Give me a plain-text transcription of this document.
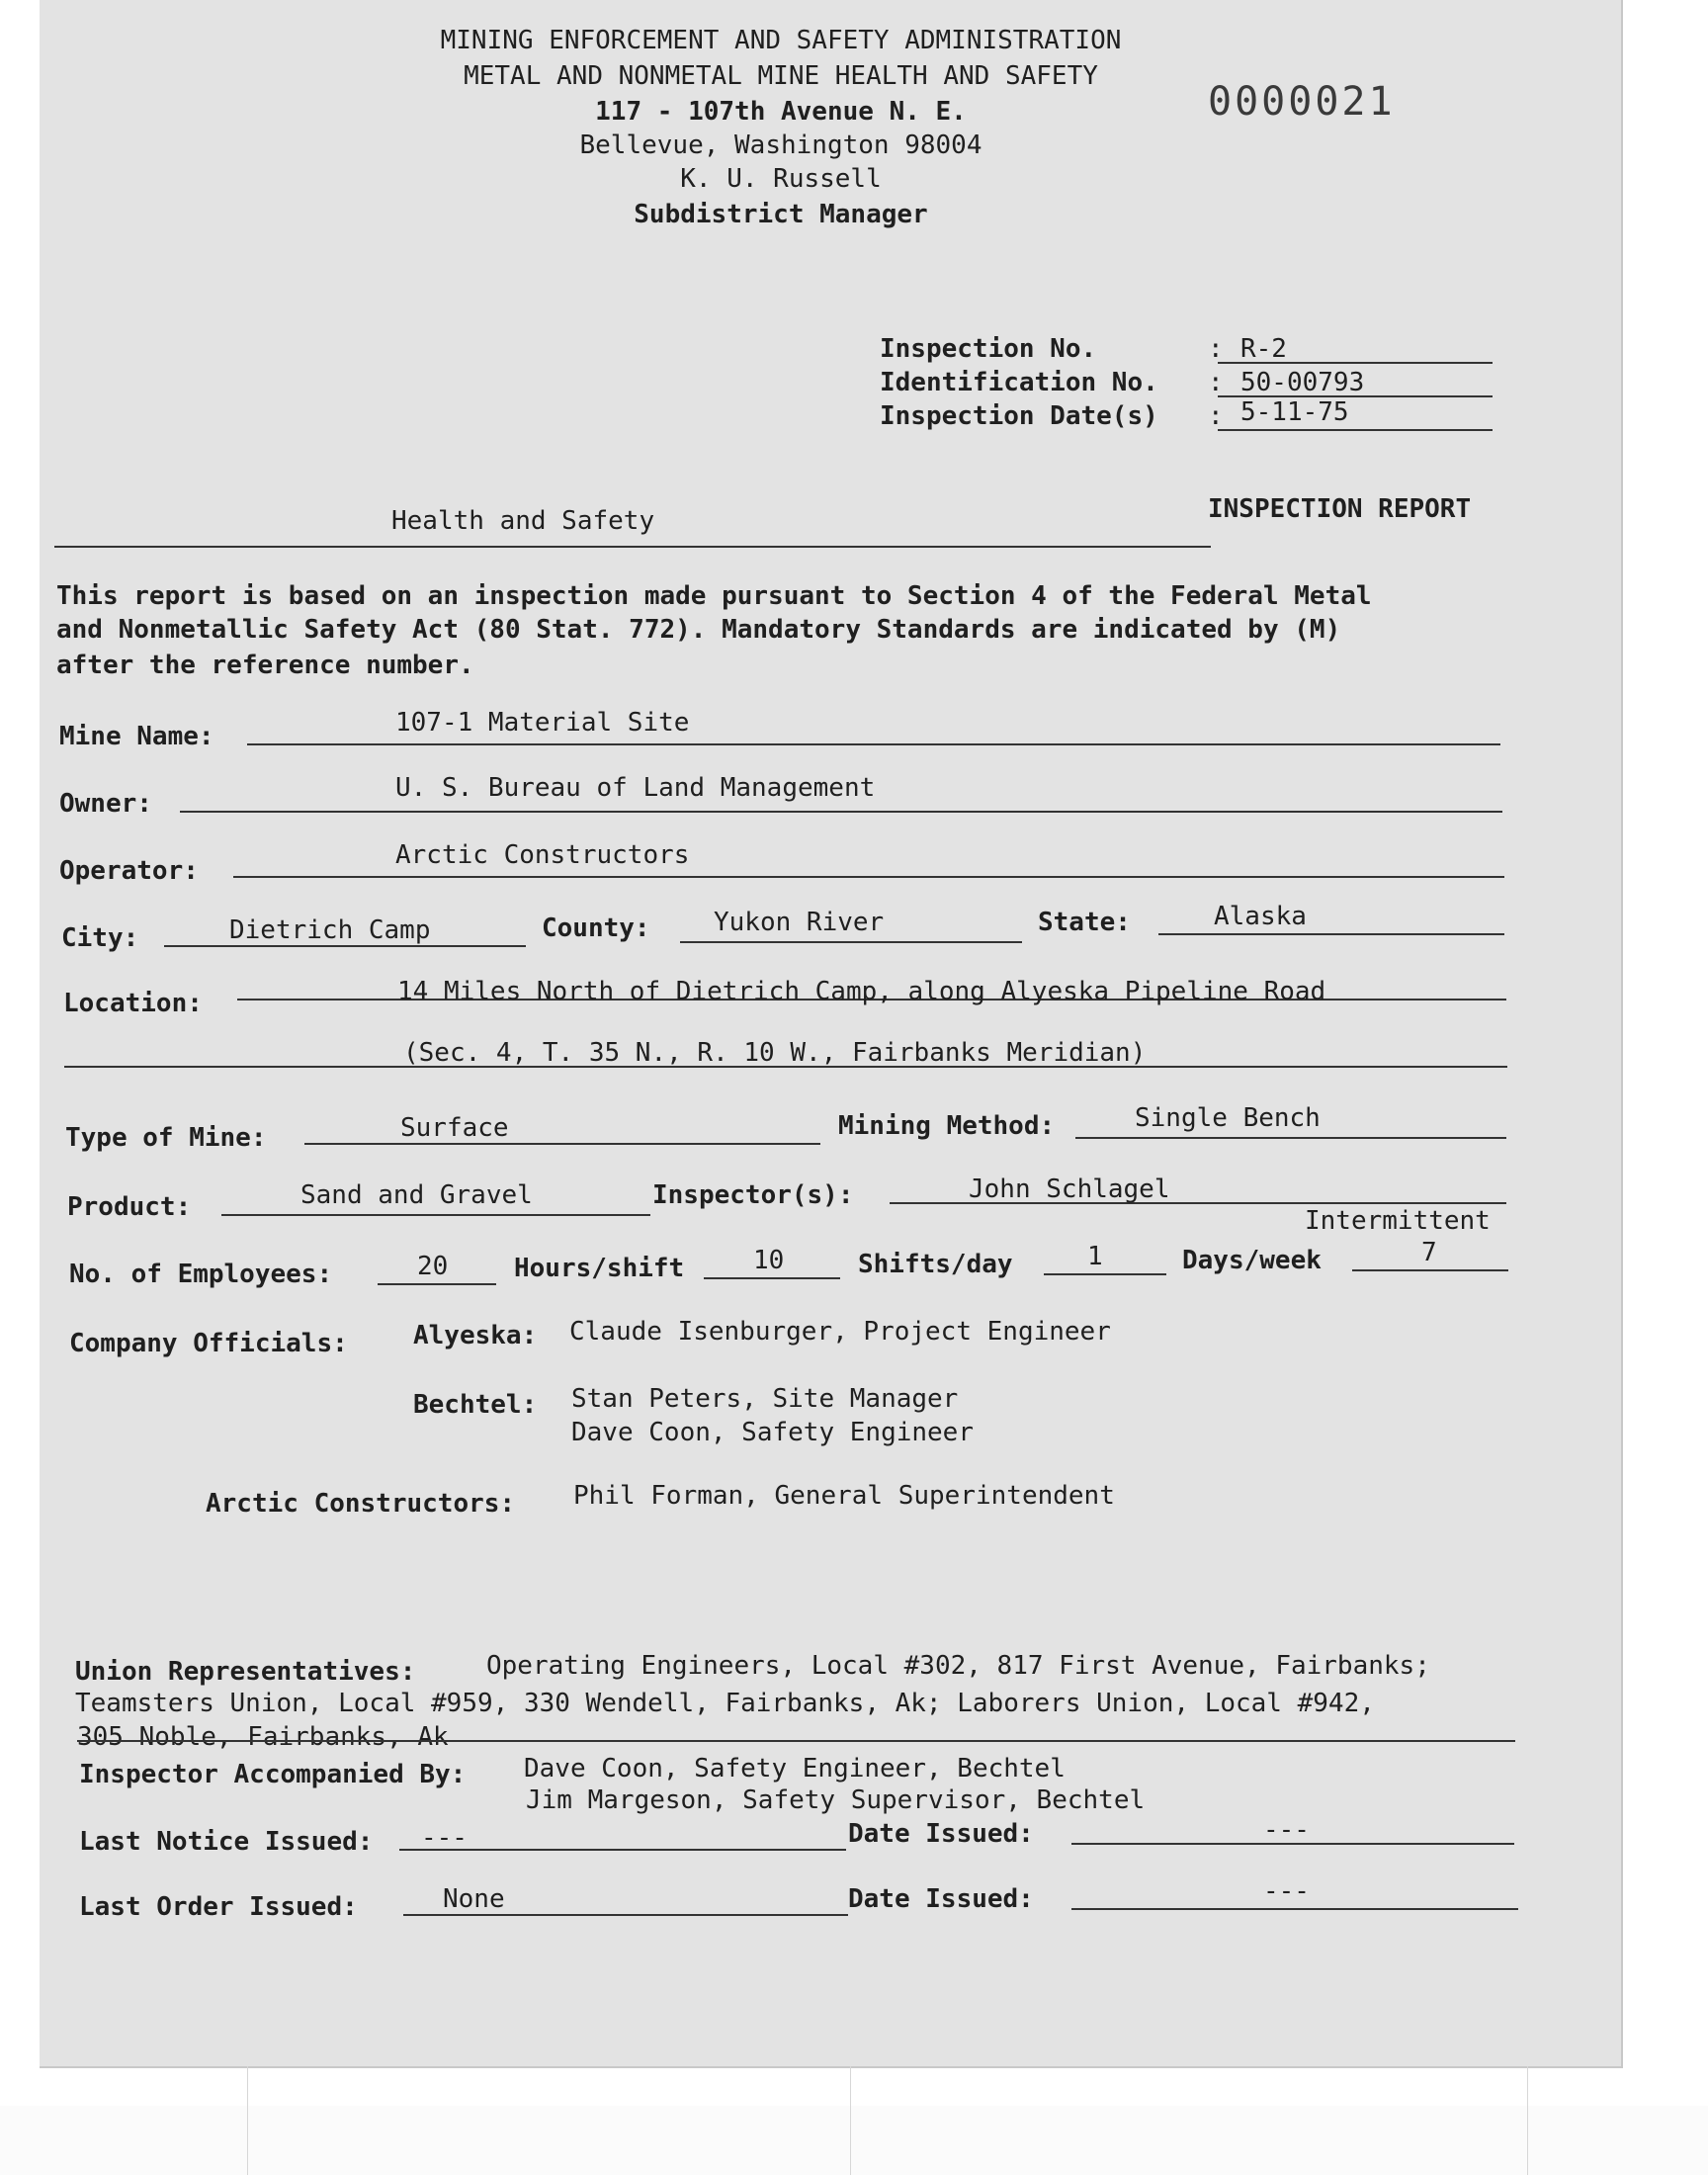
0000021
MINING ENFORCEMENT AND SAFETY ADMINISTRATION
METAL AND NONMETAL MINE HEALTH AND SAFETY
117 - 107th Avenue N. E.
Bellevue, Washington 98004
K. U. Russell
Subdistrict Manager
Inspection No.	: R-2
Identification No. : 50-00793
Inspection Date(s) : 5-11-75
Health and Safety	INSPECTION REPORT
This report is based on an inspection made pursuant to Section 4 of the Federal Metal
and Nonmetallic Safety Act (80 Stat. 772). Mandatory Standards are indicated by (M)
after the reference number.
Mine Name:	107-1 Material Site
Owner:
U. S. Bureau of Land Management
Operator:
Arctic Constructors
City:	Dietrich Camp	County: Yukon River	State:	Alaska
Location:	14 Miles North of Dietrich Camp, along Alyeska Pipeline Road
(Sec. 4, T. 35 N., R. 10 W., Fairbanks Meridian)
Type of Mine:	Surface	Mining Method:	Single Bench
Product:	Sand and Gravel	Inspector(s):	John Schlagel
Intermittent
No. of Employees:	20	Hours/shift	10	Shifts/day	1	Days/week	7
Company Officials:	Alyeska: Claude Isenburger, Project Engineer
Bechtel: Stan Peters, Site Manager
Dave Coon, Safety Engineer
Arctic Constructors: Phil Forman, General Superintendent
Union Representatives:	Operating Engineers, Local #302, 817 First Avenue, Fairbanks;
Teamsters Union, Local #959, 330 Wendell, Fairbanks, Ak; Laborers Union, Local #942,
305 Noble, Fairbanks, Ak
Inspector Accompanied By: Dave Coon, Safety Engineer, Bechtel
Jim Margeson, Safety Supervisor, Bechtel
Last Notice Issued: ---	Date Issued:	---
Last Order Issued:	None	Date Issued:	---
